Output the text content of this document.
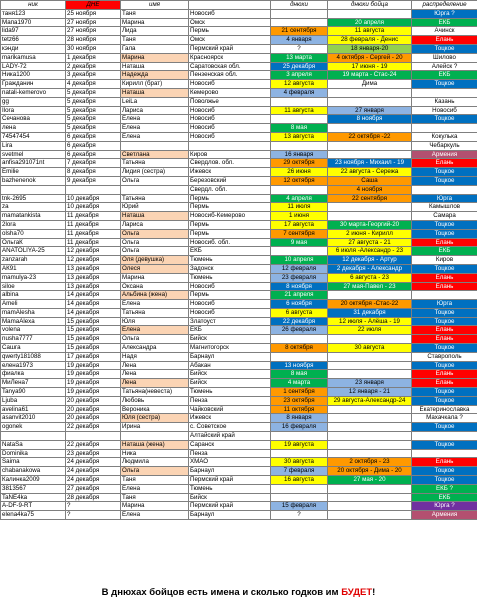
ник	ДНЕ	имя		днюхи	днюхи бойца	распределение
таня123	25 ноября	Таня	Новосиб			Юрга ?
Мапа1970	27 ноября	Марина	Омск		20 апреля	ЕКБ
lida97	27 ноября	Лида	Пермь	21 сентября	11 августа	Ачинск
tetz66	28 ноября	Таня	Омск	4 января	28 февраля - Денис	Елань
кэнди	30 ноября	Гала	Пермский край	?	18 января-20	Тоцкое
marikamusa	1 декабря	Марина	Красноярск	13 марта	4 октября - Сергей - 20	Шилово
LADY-72	2 декабря	Наташа	Саратовская обл.	25 декабря	17 июня - 19	Алейск ?
Ника1200	3 декабря	Надежда	Пензенская обл.	3 апреля	19 марта - Стас-24	ЕКБ
Гражданин	4 декабря	Кирилл (брат)	Новосиб	12 августа	Дима	Тоцкое
natali-kemerovo	5 декабря	Наташа	Кемерово	4 февраля		
gg	5 декабря	LeiLa	Поволжье			Казань
Ilora	5 декабря	Лариса	Новосиб	11 августа	27 января	Новосиб
Сечанова	5 декабря	Елена	Новосиб		8 ноября	Тоцкое
лена	5 декабря	Елена	Новосиб	8 мая		
74547454	6 декабря	Елена	Новосиб	13 августа	22 октября -22	Кокулька
Lira	6 декабря					Чебаркуль
svetmel	6 декабря	Светлана	Киров	16 января		Армения
anfisa291071nt	7 декабря	Татьяна	Свердлов. обл.	29 октября	23 ноября - Михаил - 19	Елань
Emilie	8 декабря	Лидия (сестра)	Ижевск	26 июня	22 августа - Сережа	Тоцкое
bazhenenok	9 декабря	Ольга	Березовский	12 октября	Саша	Тоцкое
			Свердл. обл.		4 ноября	
tnk-2695	10 декабря	Татьяна	Пермь	4 апреля	22 сентября	Юрга
za	10 декабря	Юрий	Пермь	11 июля		Камышлов
mamatankista	11 декабря	Наташа	Новосиб-Кемерово	1 июня		Самара
2lora	11 декабря	Лариса	Пермь	17 августа	30 марта-Георгий-20	Тоцкое
olsha70	11 декабря	Ольга	Пермь	7 сентября	2 июня - Кирилл	Тоцкое
ОльгаК	11 декабря	Ольга	Новосиб. обл.	9 мая	27 августа - 21	Елань
ANATOLIYA-25	12 декабря	Ольга	ЕКБ		6 июля -Александр - 23	ЕКБ
zanzarah	12 декабря	Оля (девушка)	Тюмень	10 апреля	12 декабря - Артур	Киров
АК91	13 декабря	Олеся	Задонск	12 февраля	2 декабря - Александр	Тоцкое
mamulya-23	13 декабря	Марина	Тюмень	23 февраля	6 августа - 23	Елань
siloe	13 декабря	Оксана	Новосиб	8 ноября	27 мая-Павел - 23	Елань
albina	14 декабря	Альбина (жена)	Пермь	21 апреля		
Ameli	14 декабря	Елена	Новосиб	6 ноября	20 октября -Стас-22	Юрга
mamAlesha	14 декабря	Татьяна	Новосиб	6 августа	31 декабря	Тоцкое
MamaAlexa	15 декабря	Юля	Златоуст	22 декабря	12 июля - Алёша - 19	Тоцкое
volena	15 декабря	Елена	ЕКБ	26 февраля	22 июля	Елань
nusha7777	15 декабря	Ольга	Бийск			Елань
Сашга	15 декабря	Александра	Магнитогорск	8 октября	30 августа	Тоцкое
qwerty181088	17 декабря	Надя	Барнаул			Ставрополь
елена1973	19 декабря	Лена	Абакан	13 ноября		Тоцкое
фиалка	19 декабря	Лена	Бийск	8 мая		Елань
МиЛена7	19 декабря	Лена	Бийск	4 марта	23 января	Елань
Tanya90	19 декабря	Татьяна(невеста)	Тюмень	1 сентября	12 января - 21	Тоцкое
Ljuba	20 декабря	Любовь	Пенза	23 октября	29 августа-Александр-24	Тоцкое
avelina61	20 декабря	Вероника	Чайковский	11 октября		Екатеринославка
asanvit2010	20 декабря	Юля (сестра)	Ижевск	8 января		Махачкала ?
ogonek	22 декабря	Ирина	с. Советское	16 февраля		Тоцкое
			Алтайский край			
NataSa	22 декабря	Наташа (жена)	Саранск	19 августа		Тоцкое
Dominika	23 декабря	Ника	Пенза			
Saima	24 декабря	Людмила	ХМАО	30 августа	2 октября - 23	Елань
chabanakowa	24 декабря	Ольга	Барнаул	7 февраля	20 октября - Дима - 20	Тоцкое
Калинка2009	24 декабря	Таня	Пермский край	16 августа	27 мая - 20	Тоцкое
3813567	27 декабря	Елена	Тюмень			ЕКБ ?
TaNE4ka	28 декабря	Таня	Бийск			ЕКБ
A-DF-9-RT	?	Марина	Пермский край	15 февраля		Юрга ?
elena4ka75	?	Елена	Барнаул	?		Армения
В днюхах бойцов есть имена и сколько годков им БУДЕТ!
